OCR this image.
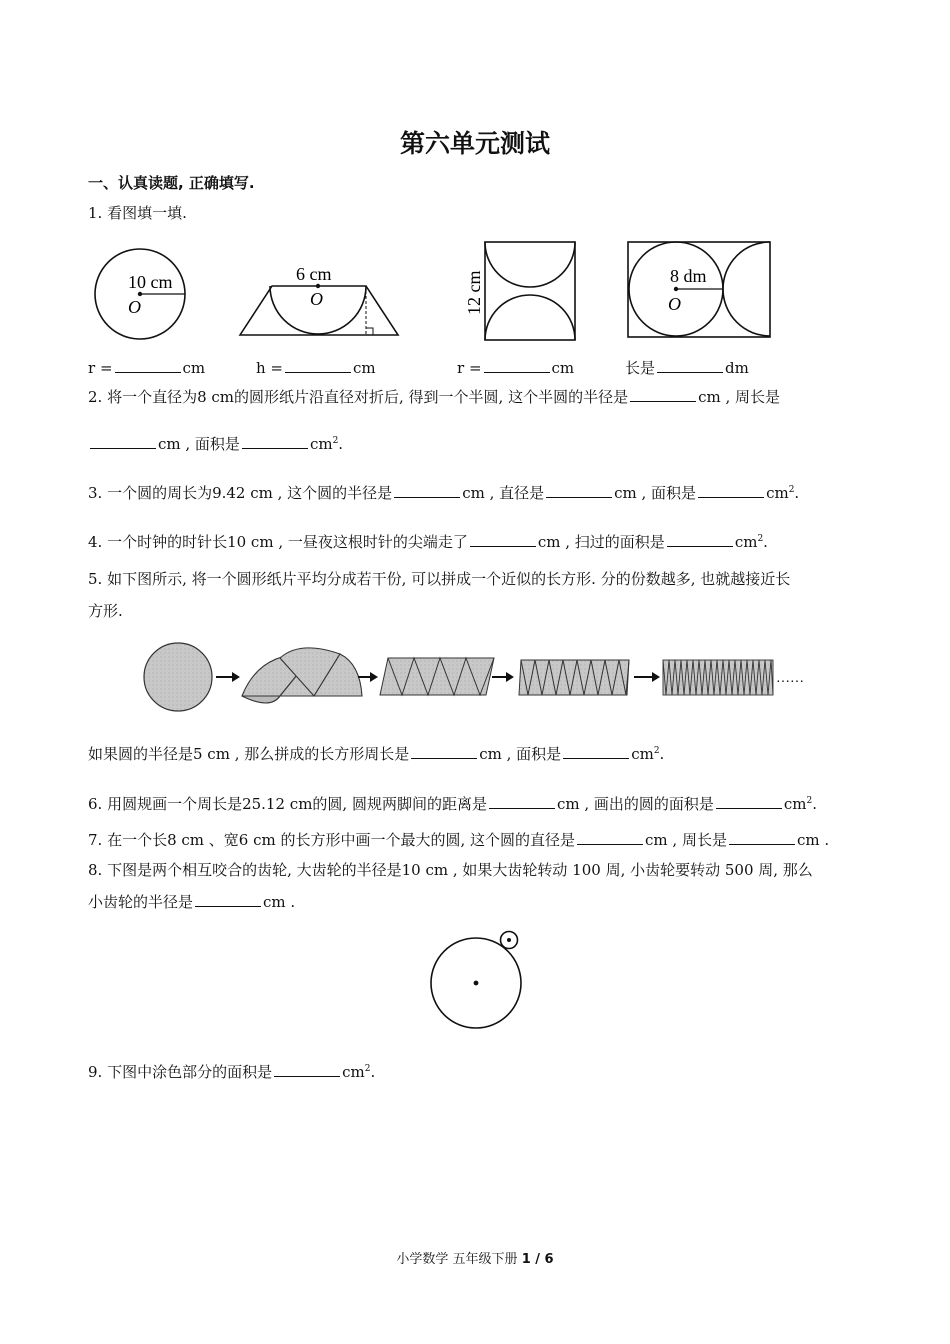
第六单元测试
一、认真读题, 正确填写.
1. 看图填一填.
10 cm
O
6 cm
O	12 cm	8 dm
O
r =	cm	h =	cm	r =	cm	长是	dm
2. 将一个直径为8 cm的圆形纸片沿直径对折后, 得到一个半圆, 这个半圆的半径是	cm , 周长是
cm , 面积是	$cm^2$.
3. 一个圆的周长为9.42 cm , 这个圆的半径是	cm , 直径是	cm , 面积是	$cm^2$.
4. 一个时钟的时针长10 cm , 一昼夜这根时针的尖端走了	cm , 扫过的面积是	$cm^2$.
5. 如下图所示, 将一个圆形纸片平均分成若干份, 可以拼成一个近似的长方形. 分的份数越多, 也就越接近长
方形.
……
如果圆的半径是5 cm , 那么拼成的长方形周长是	cm , 面积是	$cm^2$.
6. 用圆规画一个周长是25.12 cm的圆, 圆规两脚间的距离是	cm , 画出的圆的面积是	$cm^2$.
7. 在一个长8 cm 、宽6 cm 的长方形中画一个最大的圆, 这个圆的直径是	cm , 周长是	cm .
8. 下图是两个相互咬合的齿轮, 大齿轮的半径是10 cm , 如果大齿轮转动 100 周, 小齿轮要转动 500 周, 那么
小齿轮的半径是	cm .
9. 下图中涂色部分的面积是	$cm^2$.
小学数学 五年级下册 1 / 6
